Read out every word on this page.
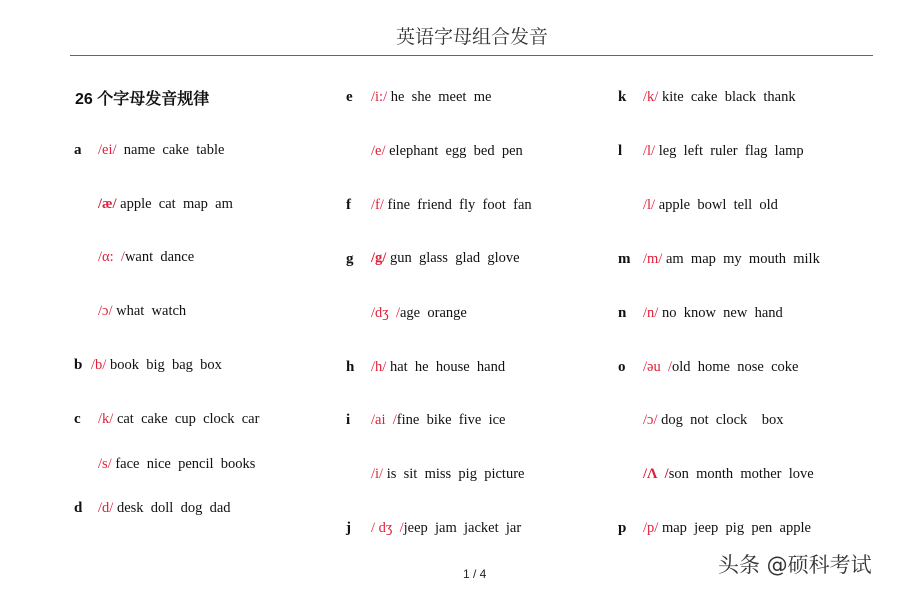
英语字母组合发音
26 个字母发音规律
a /ei/  name  cake  table
/æ/ apple  cat  map  am
/α:  /want  dance
/ɔ/ what  watch
b /b/ book  big  bag  box
c /k/ cat  cake  cup  clock  car
/s/ face  nice  pencil  books
d /d/ desk  doll  dog  dad
e /i:/ he  she  meet  me
/e/ elephant  egg  bed  pen
f /f/ fine  friend  fly  foot  fan
g /g/ gun  glass  glad  glove
/dʒ  /age  orange
h /h/ hat  he  house  hand
i /ai  /fine  bike  five  ice
/i/ is  sit  miss  pig  picture
j / dʒ  /jeep  jam  jacket  jar
k /k/ kite  cake  black  thank
l /l/ leg  left  ruler  flag  lamp
/l/ apple  bowl  tell  old
m /m/ am  map  my  mouth  milk
n /n/ no  know  new  hand
o /əu  /old  home  nose  coke
/ɔ/ dog  not  clock    box
/Λ  /son  month  mother  love
p /p/ map  jeep  pig  pen  apple
1 / 4	头条 @硕科考试
